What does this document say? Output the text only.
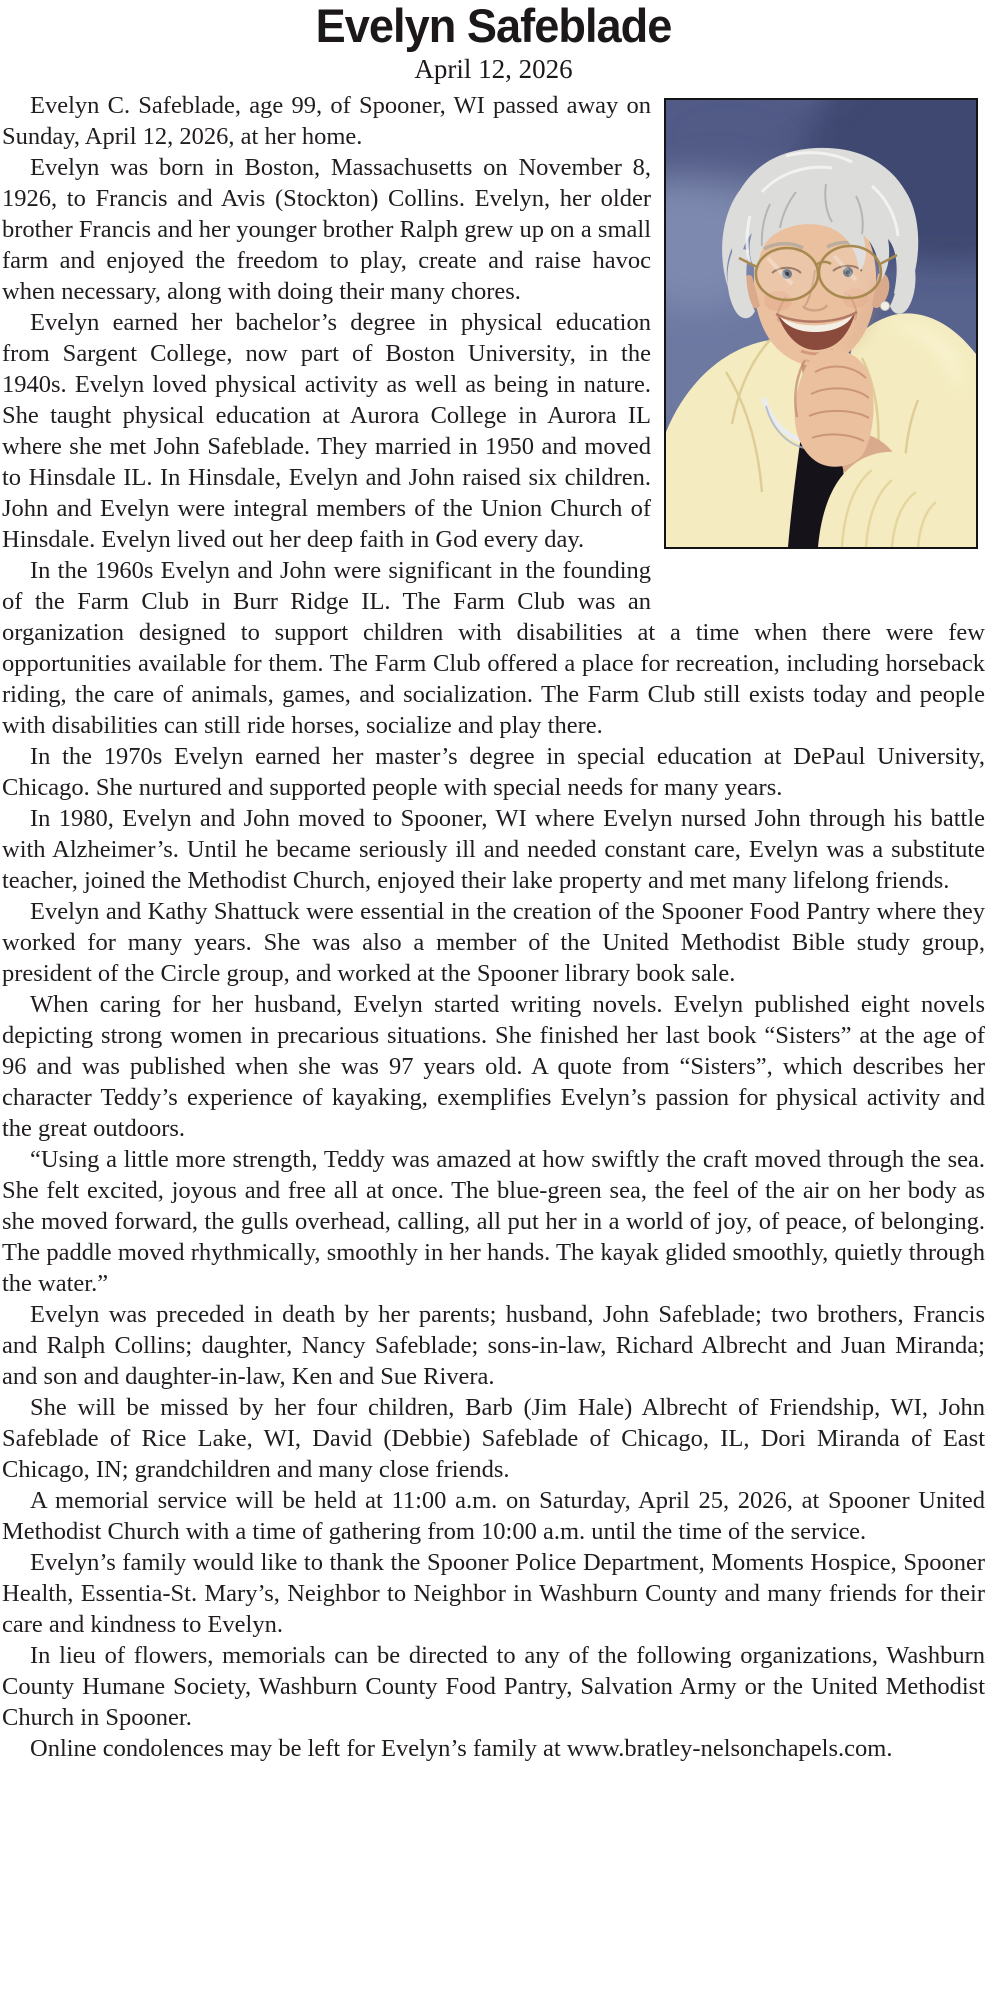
Evelyn Safeblade
April 12, 2026

Evelyn C. Safeblade, age 99, of Spooner, WI passed away on Sunday, April 12, 2026, at her home.

Evelyn was born in Boston, Massachusetts on November 8, 1926, to Francis and Avis (Stockton) Collins. Evelyn, her older brother Francis and her younger brother Ralph grew up on a small farm and enjoyed the freedom to play, create and raise havoc when necessary, along with doing their many chores.

Evelyn earned her bachelor’s degree in physical education from Sargent College, now part of Boston University, in the 1940s. Evelyn loved physical activity as well as being in nature. She taught physical education at Aurora College in Aurora IL where she met John Safeblade. They married in 1950 and moved to Hinsdale IL. In Hinsdale, Evelyn and John raised six children. John and Evelyn were integral members of the Union Church of Hinsdale. Evelyn lived out her deep faith in God every day.

In the 1960s Evelyn and John were significant in the founding of the Farm Club in Burr Ridge IL. The Farm Club was an organization designed to support children with disabilities at a time when there were few opportunities available for them. The Farm Club offered a place for recreation, including horseback riding, the care of animals, games, and socialization. The Farm Club still exists today and people with disabilities can still ride horses, socialize and play there.

In the 1970s Evelyn earned her master’s degree in special education at DePaul University, Chicago. She nurtured and supported people with special needs for many years.

In 1980, Evelyn and John moved to Spooner, WI where Evelyn nursed John through his battle with Alzheimer’s. Until he became seriously ill and needed constant care, Evelyn was a substitute teacher, joined the Methodist Church, enjoyed their lake property and met many lifelong friends.

Evelyn and Kathy Shattuck were essential in the creation of the Spooner Food Pantry where they worked for many years. She was also a member of the United Methodist Bible study group, president of the Circle group, and worked at the Spooner library book sale.

When caring for her husband, Evelyn started writing novels. Evelyn published eight novels depicting strong women in precarious situations. She finished her last book “Sisters” at the age of 96 and was published when she was 97 years old. A quote from “Sisters”, which describes her character Teddy’s experience of kayaking, exemplifies Evelyn’s passion for physical activity and the great outdoors.

“Using a little more strength, Teddy was amazed at how swiftly the craft moved through the sea. She felt excited, joyous and free all at once. The blue-green sea, the feel of the air on her body as she moved forward, the gulls overhead, calling, all put her in a world of joy, of peace, of belonging. The paddle moved rhythmically, smoothly in her hands. The kayak glided smoothly, quietly through the water.”

Evelyn was preceded in death by her parents; husband, John Safeblade; two brothers, Francis and Ralph Collins; daughter, Nancy Safeblade; sons-in-law, Richard Albrecht and Juan Miranda; and son and daughter-in-law, Ken and Sue Rivera.

She will be missed by her four children, Barb (Jim Hale) Albrecht of Friendship, WI, John Safeblade of Rice Lake, WI, David (Debbie) Safeblade of Chicago, IL, Dori Miranda of East Chicago, IN; grandchildren and many close friends.

A memorial service will be held at 11:00 a.m. on Saturday, April 25, 2026, at Spooner United Methodist Church with a time of gathering from 10:00 a.m. until the time of the service.

Evelyn’s family would like to thank the Spooner Police Department, Moments Hospice, Spooner Health, Essentia-St. Mary’s, Neighbor to Neighbor in Washburn County and many friends for their care and kindness to Evelyn.

In lieu of flowers, memorials can be directed to any of the following organizations, Washburn County Humane Society, Washburn County Food Pantry, Salvation Army or the United Methodist Church in Spooner.

Online condolences may be left for Evelyn’s family at www.bratley-nelsonchapels.com.
